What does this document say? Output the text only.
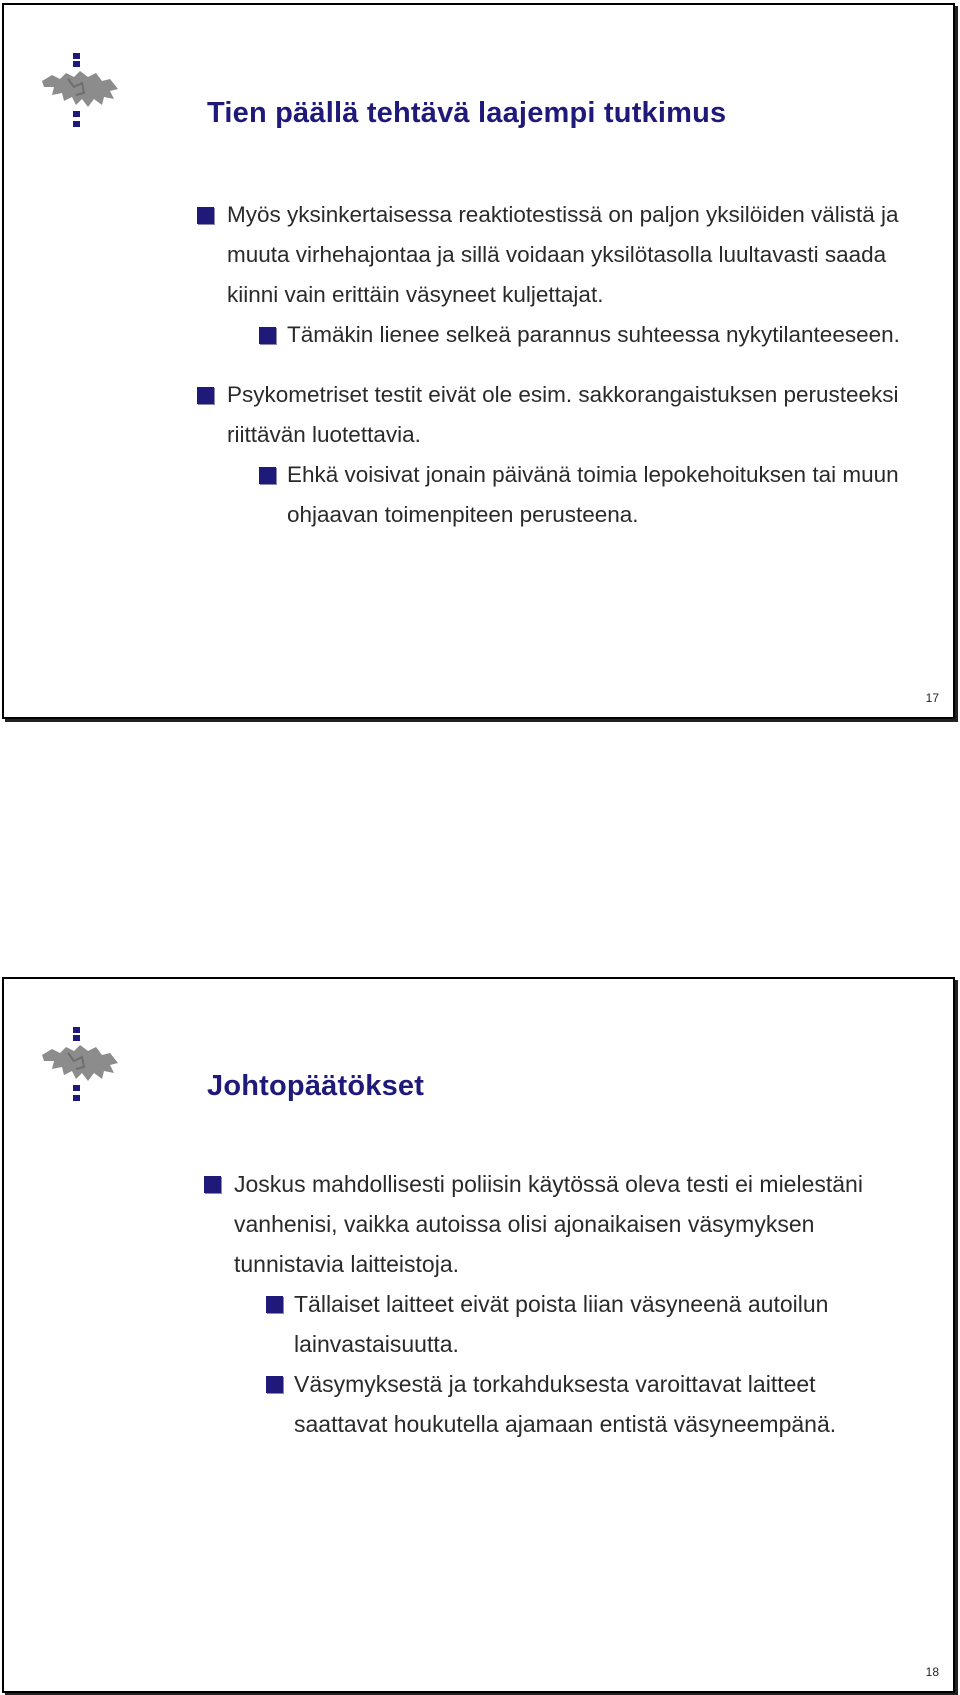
Tien päällä tehtävä laajempi tutkimus
Myös yksinkertaisessa reaktiotestissä on paljon yksilöiden välistä ja muuta virhehajontaa ja sillä voidaan yksilötasolla luultavasti saada kiinni vain erittäin väsyneet kuljettajat.
Tämäkin lienee selkeä parannus suhteessa nykytilanteeseen.
Psykometriset testit eivät ole esim. sakkorangaistuksen perusteeksi riittävän luotettavia.
Ehkä voisivat jonain päivänä toimia lepokehoituksen tai muun ohjaavan toimenpiteen perusteena.
17
Johtopäätökset
Joskus mahdollisesti poliisin käytössä oleva testi ei mielestäni vanhenisi, vaikka autoissa olisi ajonaikaisen väsymyksen tunnistavia laitteistoja.
Tällaiset laitteet eivät poista liian väsyneenä autoilun lainvastaisuutta.
Väsymyksestä ja torkahduksesta varoittavat laitteet saattavat houkutella ajamaan entistä väsyneempänä.
18
